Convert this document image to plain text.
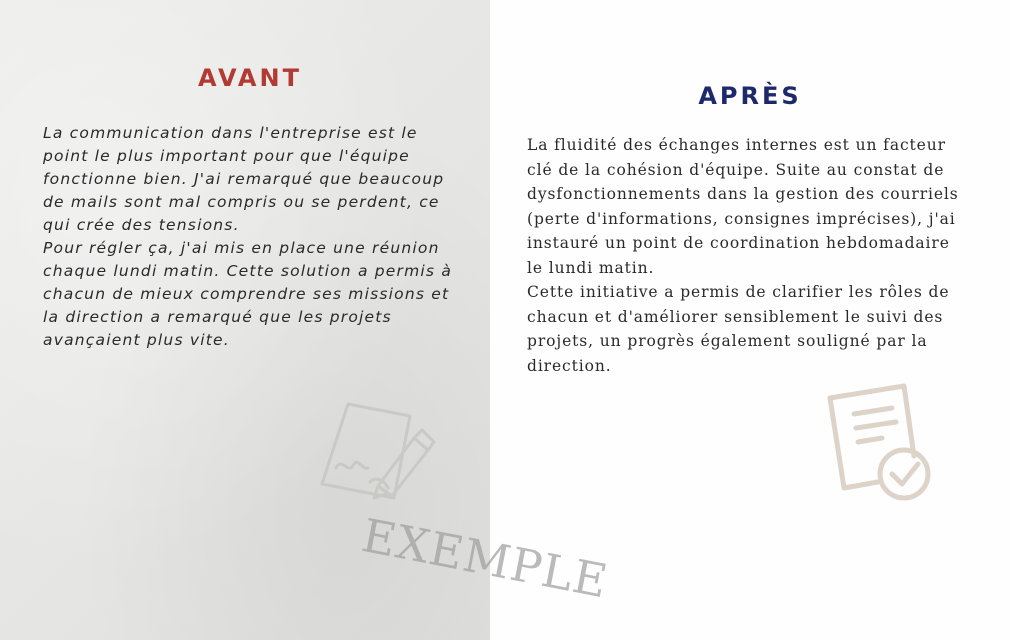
AVANT
APRÈS

La communication dans l'entreprise est le point le plus important pour que l'équipe fonctionne bien. J'ai remarqué que beaucoup de mails sont mal compris ou se perdent, ce qui crée des tensions.

Pour régler ça, j'ai mis en place une réunion chaque lundi matin. Cette solution a permis à chacun de mieux comprendre ses missions et la direction a remarqué que les projets avançaient plus vite.

La fluidité des échanges internes est un facteur clé de la cohésion d'équipe. Suite au constat de dysfonctionnements dans la gestion des courriels (perte d'informations, consignes imprécises), j'ai instauré un point de coordination hebdomadaire le lundi matin.

Cette initiative a permis de clarifier les rôles de chacun et d'améliorer sensiblement le suivi des projets, un progrès également souligné par la direction.

EXEMPLE
